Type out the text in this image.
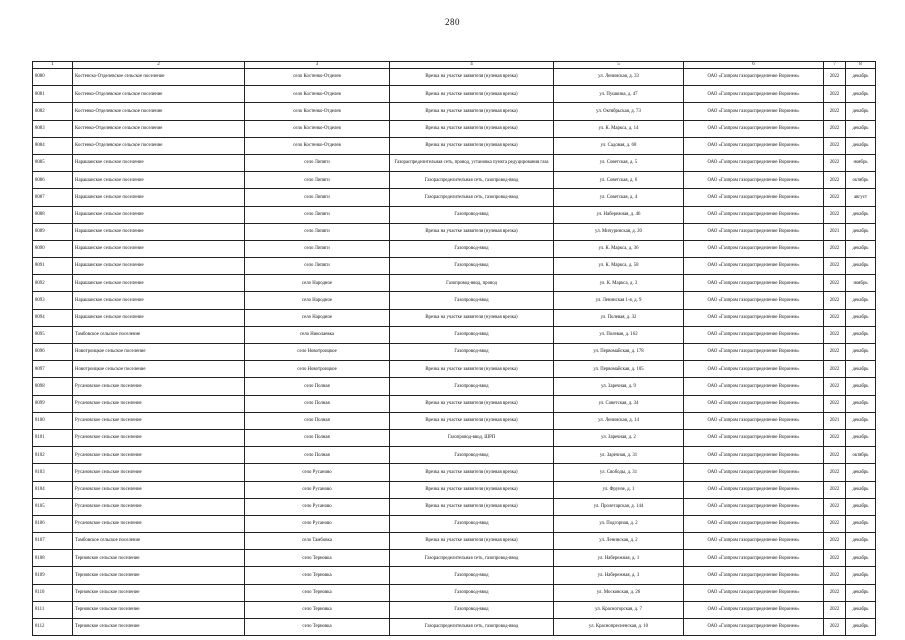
280
1	2	3	4	5	6	7	8
8080	Костенско-Отделевское сельское поселение	село Костенко-Отделев	Врезка на участке заявителя (нулевая врезка)	ул. Ленинская, д. 33	ОАО «Газпром газораспределение Воронеж»	2022	декабрь
8081	Костенко-Отделевское сельское поселение	село Костенко-Отделев	Врезка на участке заявителя (нулевая врезка)	ул. Пушкина, д. 47	ОАО «Газпром газораспределение Воронеж»	2022	декабрь
8082	Костенко-Отделевское сельское поселение	село Костенко-Отделев	Врезка на участке заявителя (нулевая врезка)	ул. Октябрьская, д. 73	ОАО «Газпром газораспределение Воронеж»	2022	декабрь
8083	Костенко-Отделевское сельское поселение	село Костенко-Отделев	Врезка на участке заявителя (нулевая врезка)	ул. К. Маркса, д. 14	ОАО «Газпром газораспределение Воронеж»	2022	декабрь
8084	Костенко-Отделевское сельское поселение	село Костенко-Отделев	Врезка на участке заявителя (нулевая врезка)	ул. Садовая, д. 68	ОАО «Газпром газораспределение Воронеж»	2022	декабрь
8085	Нарашанское сельское поселение	село Липяги	Газораспределительная сеть, провод, установка пункта редуцирования газа	ул. Советская, д. 5	ОАО «Газпром газораспределение Воронеж»	2022	ноябрь
8086	Нарашанское сельское поселение	село Липяги	Газораспределительная сеть, газопровод-ввод	ул. Советская, д. 6	ОАО «Газпром газораспределение Воронеж»	2022	октябрь
8087	Нарашанское сельское поселение	село Липяги	Газораспределительная сеть, газопровод-ввод	ул. Советская, д. 4	ОАО «Газпром газораспределение Воронеж»	2022	август
8088	Нарашанское сельское поселение	село Липяги	Газопровод-ввод	ул. Набережная, д. 46	ОАО «Газпром газораспределение Воронеж»	2022	декабрь
8089	Нарашанское сельское поселение	село Липяги	Врезка на участке заявителя (нулевая врезка)	ул. Мичуринская, д. 20	ОАО «Газпром газораспределение Воронеж»	2021	декабрь
8090	Нарашанское сельское поселение	село Липяги	Газопровод-ввод	ул. К. Маркса, д. 36	ОАО «Газпром газораспределение Воронеж»	2022	декабрь
8091	Нарашанское сельское поселение	село Липяги	Газопровод-ввод	ул. К. Маркса, д. 58	ОАО «Газпром газораспределение Воронеж»	2022	декабрь
8092	Нарашанское сельское поселение	село Народное	Газопровод-ввод, провод	ул. К. Маркса, д. 3	ОАО «Газпром газораспределение Воронеж»	2022	ноябрь
8093	Нарашанское сельское поселение	село Народное	Газопровод-ввод	ул. Ленинская 1-я, д. 9	ОАО «Газпром газораспределение Воронеж»	2022	декабрь
8094	Нарашанское сельское поселение	село Народное	Врезка на участке заявителя (нулевая врезка)	ул. Полевая, д. 32	ОАО «Газпром газораспределение Воронеж»	2022	декабрь
8095	Тамбовское сельское поселение	село Николаевка	Газопровод-ввод	ул. Полевая, д. 162	ОАО «Газпром газораспределение Воронеж»	2022	декабрь
8096	Новотроицкое сельское поселение	село Новотроицкое	Газопровод-ввод	ул. Первомайская, д. 178	ОАО «Газпром газораспределение Воронеж»	2022	декабрь
8097	Новотроицкое сельское поселение	село Новотроицкое	Врезка на участке заявителя (нулевая врезка)	ул. Первомайская, д. 105	ОАО «Газпром газораспределение Воронеж»	2022	декабрь
8098	Русановское сельское поселение	село Полная	Газопровод-ввод	ул. Заречная, д. 9	ОАО «Газпром газораспределение Воронеж»	2022	декабрь
8099	Русановское сельское поселение	село Полная	Врезка на участке заявителя (нулевая врезка)	ул. Советская, д. 34	ОАО «Газпром газораспределение Воронеж»	2022	декабрь
8100	Русановское сельское поселение	село Полная	Врезка на участке заявителя (нулевая врезка)	ул. Ленинская, д. 14	ОАО «Газпром газораспределение Воронеж»	2021	декабрь
8101	Русановское сельское поселение	село Полная	Газопровод-ввод, ШРП	ул. Заречная, д. 2	ОАО «Газпром газораспределение Воронеж»	2022	декабрь
8102	Русановское сельское поселение	село Полная	Газопровод-ввод	ул. Заречная, д. 31	ОАО «Газпром газораспределение Воронеж»	2022	октябрь
8103	Русановское сельское поселение	село Русаново	Врезка на участке заявителя (нулевая врезка)	ул. Свободы, д. 31	ОАО «Газпром газораспределение Воронеж»	2022	декабрь
8104	Русановское сельское поселение	село Русаново	Врезка на участке заявителя (нулевая врезка)	ул. Фрунзе, д. 1	ОАО «Газпром газораспределение Воронеж»	2022	декабрь
8105	Русановское сельское поселение	село Русаново	Врезка на участке заявителя (нулевая врезка)	ул. Пролетарская, д. 144	ОАО «Газпром газораспределение Воронеж»	2022	декабрь
8106	Русановское сельское поселение	село Русаново	Газопровод-ввод	ул. Подгорная, д. 2	ОАО «Газпром газораспределение Воронеж»	2022	декабрь
8107	Тамбовское сельское поселение	село Тамбовка	Врезка на участке заявителя (нулевая врезка)	ул. Ленинская, д. 2	ОАО «Газпром газораспределение Воронеж»	2022	декабрь
8108	Терновское сельское поселение	село Терновка	Газораспределительная сеть, газопровод-ввод	ул. Набережная, д. 1	ОАО «Газпром газораспределение Воронеж»	2022	декабрь
8109	Терновское сельское поселение	село Терновка	Газопровод-ввод	ул. Набережная, д. 3	ОАО «Газпром газораспределение Воронеж»	2022	декабрь
8110	Терновское сельское поселение	село Терновка	Газопровод-ввод	ул. Московская, д. 26	ОАО «Газпром газораспределение Воронеж»	2022	декабрь
8111	Терновское сельское поселение	село Терновка	Газопровод-ввод	ул. Красногорская, д. 7	ОАО «Газпром газораспределение Воронеж»	2022	декабрь
8112	Терновское сельское поселение	село Терновка	Газораспределительная сеть, газопровод-ввод	ул. Краснопресненская, д. 10	ОАО «Газпром газораспределение Воронеж»	2022	декабрь
